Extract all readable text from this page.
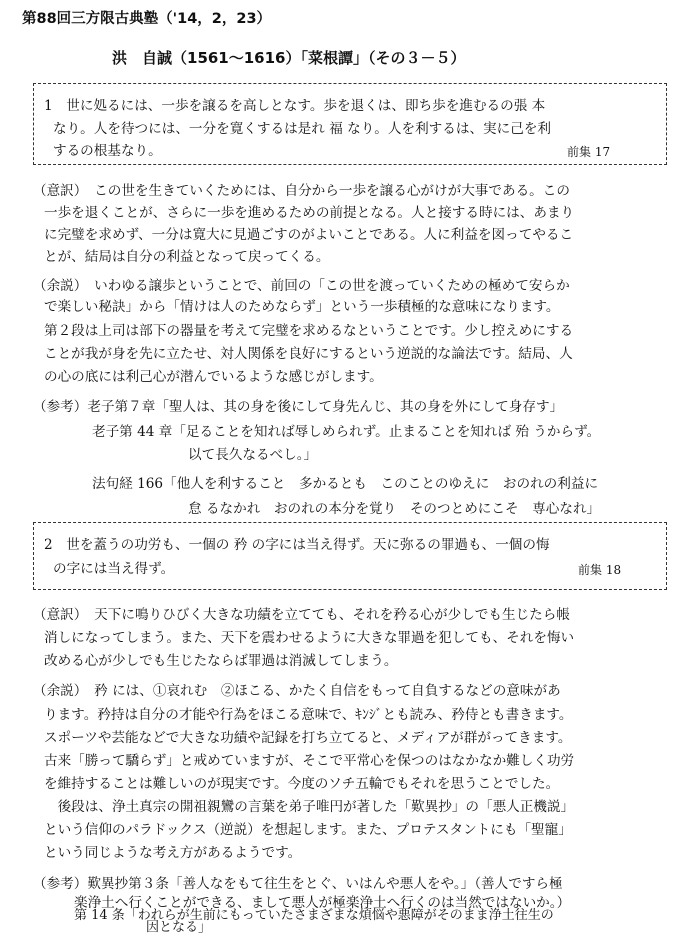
第88回三方限古典塾（'14，2，23）
洪　自誠（1561～1616）「菜根譚」（その３－５）
1　世に処るには、一歩を譲るを高しとなす。歩を退くは、即ち歩を進むるの張 本
なり。人を待つには、一分を寛くするは是れ 福 なり。人を利するは、実に己を利
するの根基なり。	前集 17
（意訳）　この世を生きていくためには、自分から一歩を譲る心がけが大事である。この
一歩を退くことが、さらに一歩を進めるための前提となる。人と接する時には、あまり
に完璧を求めず、一分は寛大に見過ごすのがよいことである。人に利益を図ってやるこ
とが、結局は自分の利益となって戻ってくる。
（余説）　いわゆる譲歩ということで、前回の「この世を渡っていくための極めて安らか
で楽しい秘訣」から「情けは人のためならず」という一歩積極的な意味になります。
第２段は上司は部下の器量を考えて完璧を求めるなということです。少し控えめにする
ことが我が身を先に立たせ、対人関係を良好にするという逆説的な論法です。結局、人
の心の底には利己心が潜んでいるような感じがします。
（参考）老子第７章「聖人は、其の身を後にして身先んじ、其の身を外にして身存す」
老子第 44 章「足ることを知れば辱しめられず。止まることを知れば 殆 うからず。
以て長久なるべし。」
法句経 166「他人を利すること　多かるとも　このことのゆえに　おのれの利益に
怠 るなかれ　おのれの本分を覚り　そのつとめにこそ　専心なれ」
2　世を蓋うの功労も、一個の 矜 の字には当え得ず。天に弥るの罪過も、一個の悔
の字には当え得ず。	前集 18
（意訳）　天下に鳴りひびく大きな功績を立てても、それを矜る心が少しでも生じたら帳
消しになってしまう。また、天下を震わせるように大きな罪過を犯しても、それを悔い
改める心が少しでも生じたならば罪過は消滅してしまう。
（余説）　矜 には、①哀れむ　②ほこる、かたく自信をもって自負するなどの意味があ
ります。矜持は自分の才能や行為をほこる意味で、ｷﾝｼﾞとも読み、矜侍とも書きます。
スポーツや芸能などで大きな功績や記録を打ち立てると、メディアが群がってきます。
古来「勝って驕らず」と戒めていますが、そこで平常心を保つのはなかなか難しく功労
を維持することは難しいのが現実です。今度のソチ五輪でもそれを思うことでした。
　後段は、浄土真宗の開祖親鸞の言葉を弟子唯円が著した「歎異抄」の「悪人正機説」
という信仰のパラドックス（逆説）を想起します。また、プロテスタントにも「聖寵」
という同じような考え方があるようです。
（参考）歎異抄第３条「善人なをもて往生をとぐ、いはんや悪人をや。」（善人ですら極
楽浄土へ行くことができる、まして悪人が極楽浄土へ行くのは当然ではないか。）
第 14 条「われらが生前にもっていたさまざまな煩悩や悪障がそのまま浄土往生の
因となる」
